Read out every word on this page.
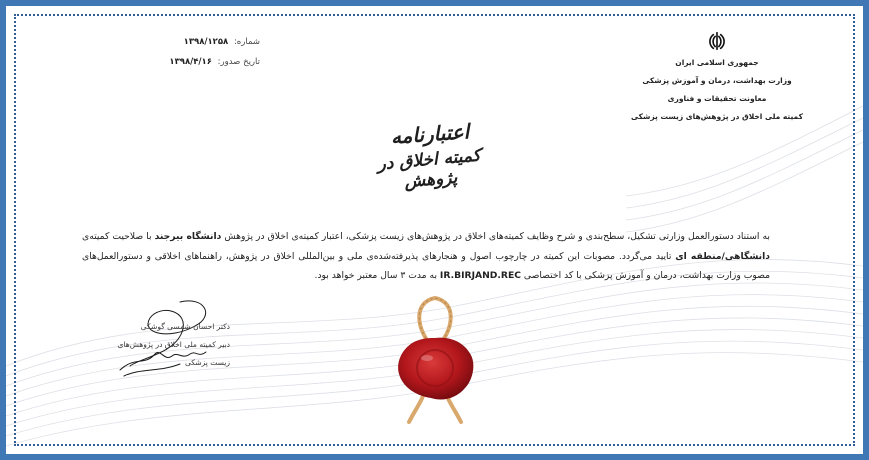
شماره: ۱۳۹۸/۱۲۵۸
تاریخ صدور: ۱۳۹۸/۴/۱۶	جمهوری اسلامی ایران
وزارت بهداشت، درمان و آموزش پزشکی
معاونت تحقیقات و فناوری
کمیته ملی اخلاق در پژوهش‌های زیست پزشکی
اعتبارنامه
کمیته اخلاق در پژوهش
به استناد دستورالعمل وزارتی تشکیل، سطح‌بندی و شرح وظایف کمیته‌های اخلاق در پژوهش‌های زیست پزشکی، اعتبار کمیته‌ی اخلاق در پژوهش دانشگاه بیرجند با صلاحیت کمیته‌ی دانشگاهی/منطقه ای تایید می‌گردد. مصوبات این کمیته در چارچوب اصول و هنجارهای پذیرفته‌شده‌ی ملی و بین‌المللی اخلاق در پژوهش، راهنماهای اخلاقی و دستورالعمل‌های مصوب وزارت بهداشت، درمان و آموزش پزشکی با کد اختصاصی IR.BIRJAND.REC به مدت ۳ سال معتبر خواهد بود.
دکتر احسان شمسی گوشکی
دبیر کمیته ملی اخلاق در پژوهش‌های زیست پزشکی
